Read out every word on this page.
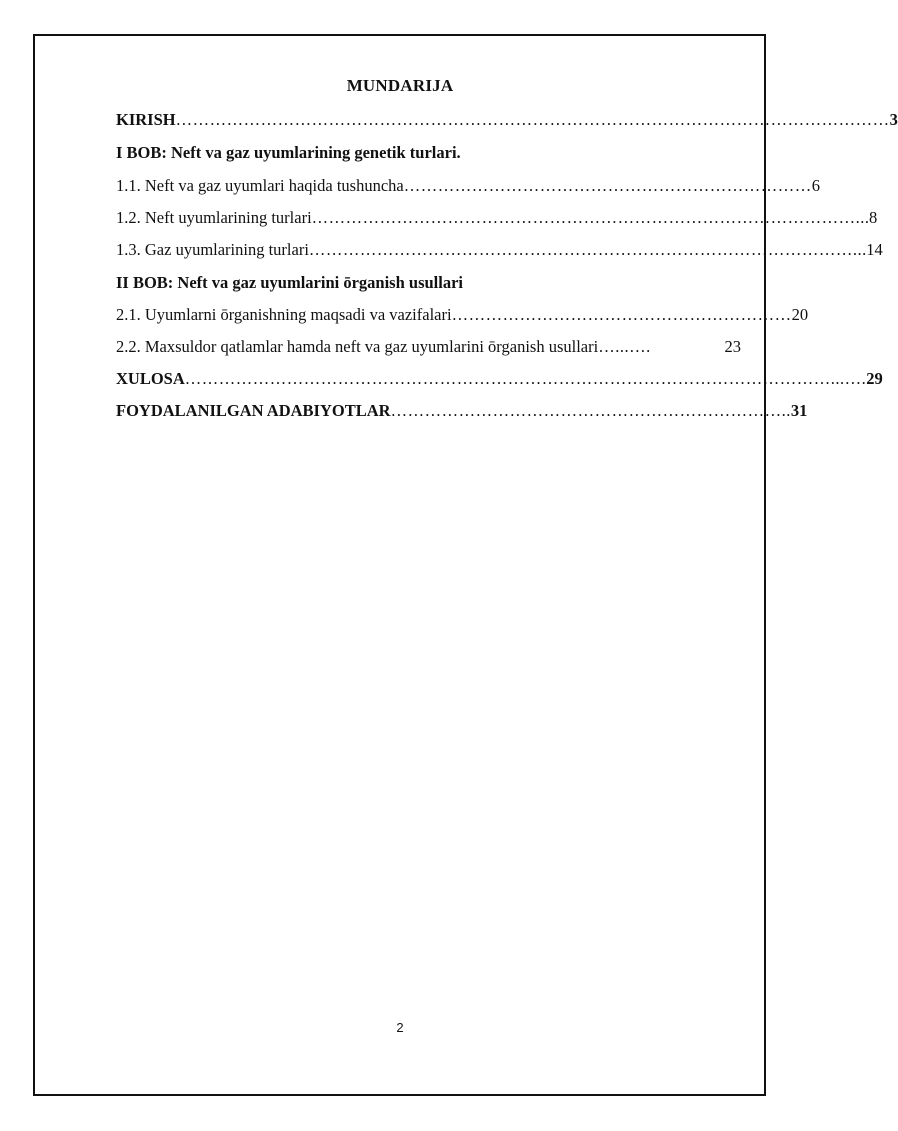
MUNDARIJA
KIRISH ……………………………………………………………………………………………………………… 3
I BOB: Neft va gaz uyumlarining genetik turlari.
1.1. Neft va gaz uyumlari haqida tushuncha ……………………………………………………………… 6
1.2. Neft uyumlarining turlari …………………………………………………………………………………….. .8
1.3. Gaz uyumlarining turlari …………………………………………………………………………………….. .14
II BOB: Neft va gaz uyumlarini ōrganish usullari
2.1. Uyumlarni ōrganishning maqsadi va vazifalari …………………………………………………… 20
2.2. Maxsuldor qatlamlar hamda neft va gaz uyumlarini ōrganish usullari …...….	23
XULOSA ……………………………………………………………………………………………………...…. 29
FOYDALANILGAN ADABIYOTLAR …………………………………………………………….. 31
2
